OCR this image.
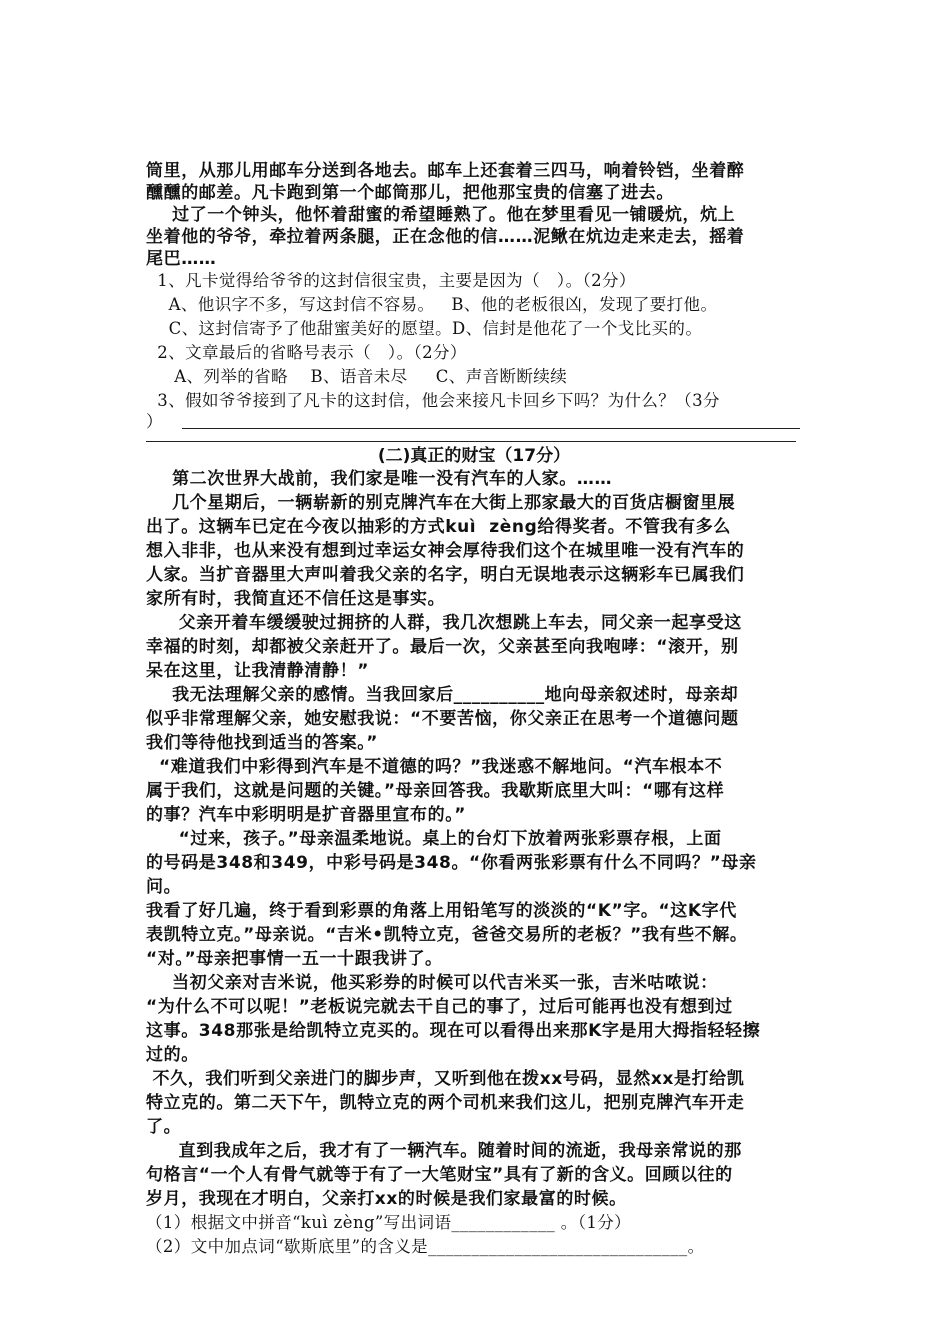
筒里，从那儿用邮车分送到各地去。邮车上还套着三四马，响着铃铛，坐着醉
醺醺的邮差。凡卡跑到第一个邮筒那儿，把他那宝贵的信塞了进去。
过了一个钟头，他怀着甜蜜的希望睡熟了。他在梦里看见一铺暖炕，炕上
坐着他的爷爷，牵拉着两条腿，正在念他的信……泥鳅在炕边走来走去，摇着
尾巴……
1、凡卡觉得给爷爷的这封信很宝贵，主要是因为（   ）。（2分）
A、他识字不多，写这封信不容易。   B、他的老板很凶，发现了要打他。
C、这封信寄予了他甜蜜美好的愿望。D、信封是他花了一个戈比买的。
2、文章最后的省略号表示（   ）。（2分）
A、列举的省略    B、语音未尽     C、声音断断续续
3、假如爷爷接到了凡卡的这封信，他会来接凡卡回乡下吗？为什么？（3分
）
(二)真正的财宝（17分）
第二次世界大战前，我们家是唯一没有汽车的人家。……
几个星期后，一辆崭新的别克牌汽车在大街上那家最大的百货店橱窗里展
出了。这辆车已定在今夜以抽彩的方式kuì  zèng给得奖者。不管我有多么
想入非非，也从来没有想到过幸运女神会厚待我们这个在城里唯一没有汽车的
人家。当扩音器里大声叫着我父亲的名字，明白无误地表示这辆彩车已属我们
家所有时，我简直还不信任这是事实。
父亲开着车缓缓驶过拥挤的人群，我几次想跳上车去，同父亲一起享受这
幸福的时刻，却都被父亲赶开了。最后一次，父亲甚至向我咆哮：“滚开，别
呆在这里，让我清静清静！”
我无法理解父亲的感情。当我回家后__________地向母亲叙述时，母亲却
似乎非常理解父亲，她安慰我说：“不要苦恼，你父亲正在思考一个道德问题
我们等待他找到适当的答案。”
“难道我们中彩得到汽车是不道德的吗？”我迷惑不解地问。“汽车根本不
属于我们，这就是问题的关键。”母亲回答我。我歇斯底里大叫：“哪有这样
的事？汽车中彩明明是扩音器里宣布的。”
“过来，孩子。”母亲温柔地说。桌上的台灯下放着两张彩票存根，上面
的号码是348和349，中彩号码是348。“你看两张彩票有什么不同吗？”母亲
问。
我看了好几遍，终于看到彩票的角落上用铅笔写的淡淡的“K”字。“这K字代
表凯特立克。”母亲说。“吉米•凯特立克，爸爸交易所的老板？”我有些不解。
“对。”母亲把事情一五一十跟我讲了。
当初父亲对吉米说，他买彩券的时候可以代吉米买一张，吉米咕哝说：
“为什么不可以呢！”老板说完就去干自己的事了，过后可能再也没有想到过
这事。348那张是给凯特立克买的。现在可以看得出来那K字是用大拇指轻轻擦
过的。
不久，我们听到父亲进门的脚步声，又听到他在拨xx号码，显然xx是打给凯
特立克的。第二天下午，凯特立克的两个司机来我们这儿，把别克牌汽车开走
了。
直到我成年之后，我才有了一辆汽车。随着时间的流逝，我母亲常说的那
句格言“一个人有骨气就等于有了一大笔财宝”具有了新的含义。回顾以往的
岁月，我现在才明白，父亲打xx的时候是我们家最富的时候。
（1）根据文中拼音“kuì zèng”写出词语____________ 。（1分）
（2）文中加点词“歇斯底里”的含义是______________________________。
